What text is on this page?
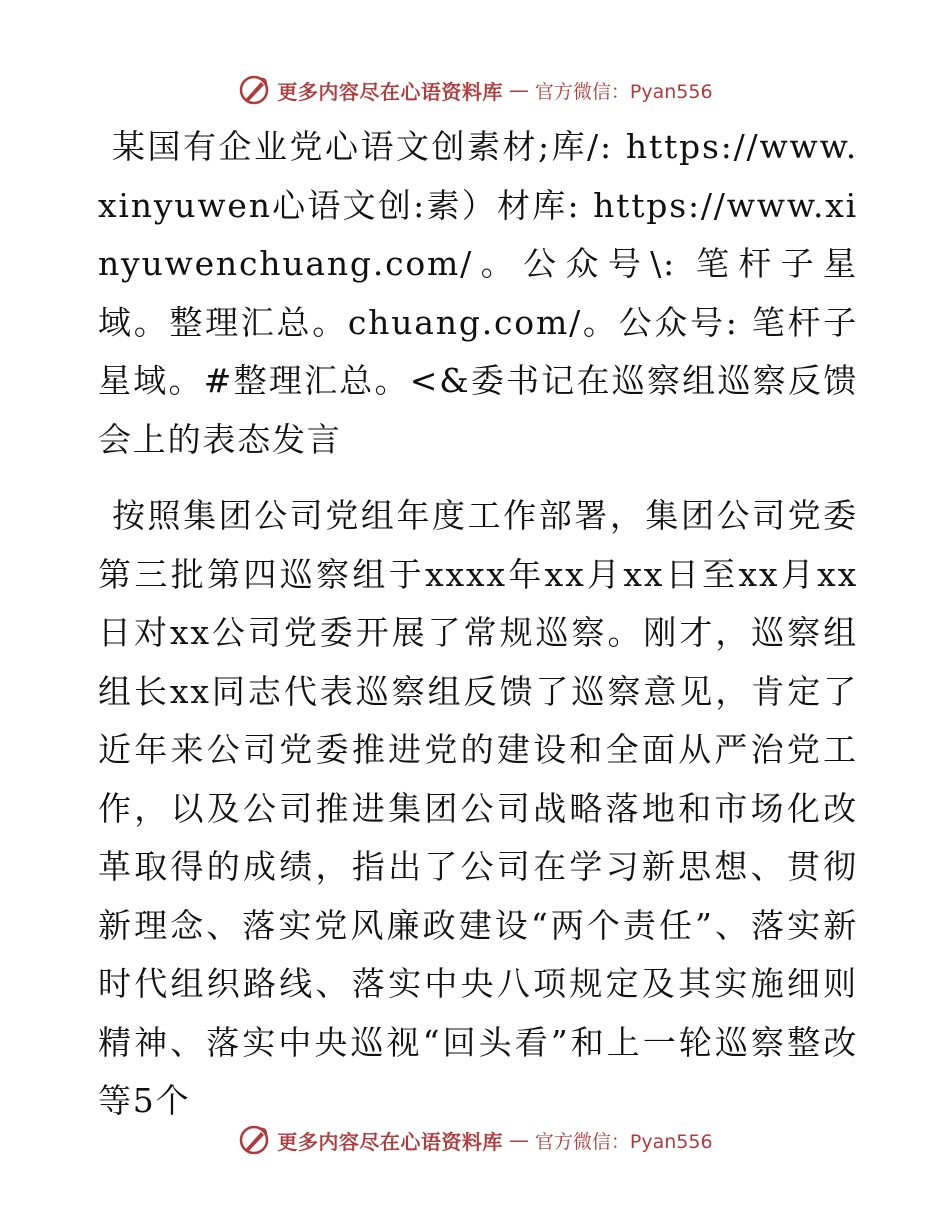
更多内容尽在心语资料库 — 官方微信：Pyan556

某国有企业党心语文创素材;库/: https://www.xinyuwen心语文创:素）材库: https://www.xinyuwenchuang.com/。公众号\: 笔杆子星域。整理汇总。chuang.com/。公众号: 笔杆子星域。#整理汇总。<&委书记在巡察组巡察反馈会上的表态发言

按照集团公司党组年度工作部署，集团公司党委第三批第四巡察组于xxxx年xx月xx日至xx月xx日对xx公司党委开展了常规巡察。刚才，巡察组组长xx同志代表巡察组反馈了巡察意见，肯定了近年来公司党委推进党的建设和全面从严治党工作，以及公司推进集团公司战略落地和市场化改革取得的成绩，指出了公司在学习新思想、贯彻新理念、落实党风廉政建设“两个责任”、落实新时代组织路线、落实中央八项规定及其实施细则精神、落实中央巡视“回头看”和上一轮巡察整改等5个

更多内容尽在心语资料库 — 官方微信：Pyan556
